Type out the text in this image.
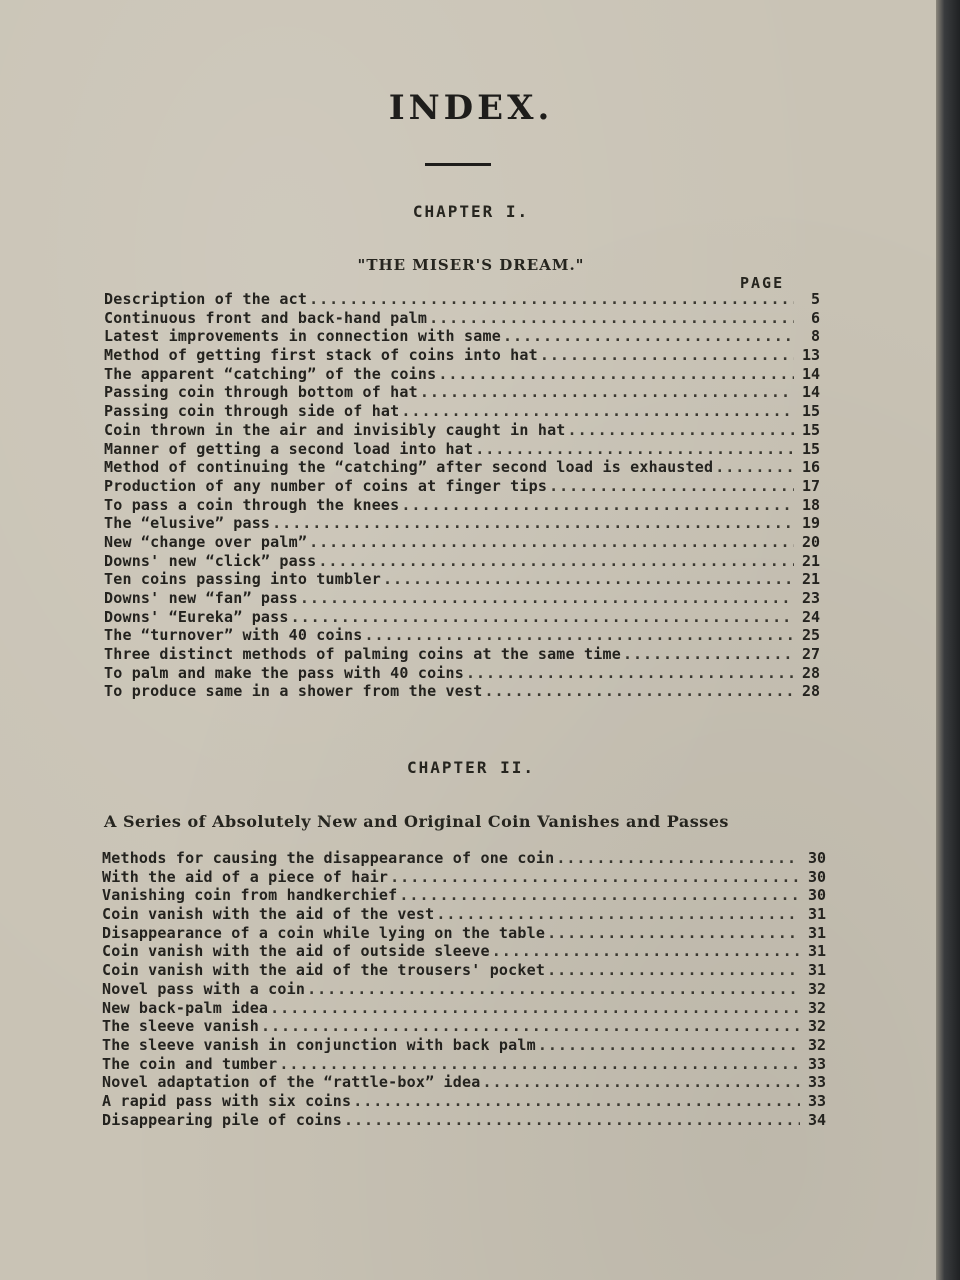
INDEX.
CHAPTER I.
"THE MISER'S DREAM."
PAGE
Description of the act .....	5
Continuous front and back-hand palm .....	6
Latest improvements in connection with same .....	8
Method of getting first stack of coins into hat .....	13
The apparent “catching” of the coins .....	14
Passing coin through bottom of hat .....	14
Passing coin through side of hat .....	15
Coin thrown in the air and invisibly caught in hat .....	15
Manner of getting a second load into hat .....	15
Method of continuing the “catching” after second load is exhausted .....	16
Production of any number of coins at finger tips .....	17
To pass a coin through the knees .....	18
The “elusive” pass .....	19
New “change over palm” .....	20
Downs' new “click” pass .....	21
Ten coins passing into tumbler .....	21
Downs' new “fan” pass .....	23
Downs' “Eureka” pass .....	24
The “turnover” with 40 coins .....	25
Three distinct methods of palming coins at the same time .....	27
To palm and make the pass with 40 coins .....	28
To produce same in a shower from the vest .....	28
CHAPTER II.
A Series of Absolutely New and Original Coin Vanishes and Passes
Methods for causing the disappearance of one coin .....	30
With the aid of a piece of hair .....	30
Vanishing coin from handkerchief .....	30
Coin vanish with the aid of the vest .....	31
Disappearance of a coin while lying on the table .....	31
Coin vanish with the aid of outside sleeve .....	31
Coin vanish with the aid of the trousers' pocket .....	31
Novel pass with a coin .....	32
New back-palm idea .....	32
The sleeve vanish .....	32
The sleeve vanish in conjunction with back palm .....	32
The coin and tumber .....	33
Novel adaptation of the “rattle-box” idea .....	33
A rapid pass with six coins .....	33
Disappearing pile of coins .....	34
